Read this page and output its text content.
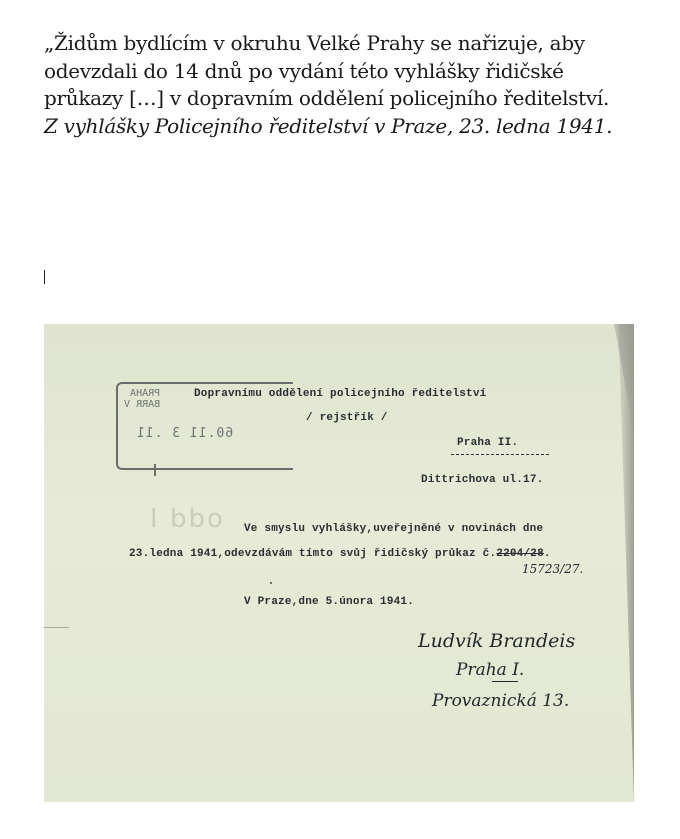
„Židům bydlícím v okruhu Velké Prahy se nařizuje, aby odevzdali do 14 dnů po vydání této vyhlášky řidičské průkazy […] v dopravním oddělení policejního ředitelství.

Z vyhlášky Policejního ředitelství v Praze, 23. ledna 1941.

PRAHA
BARR V
60.11 3 .11
odd I
Dopravnímu oddělení policejního ředitelství
/ rejstřík /
Praha II.
Dittrichova ul.17.
Ve smyslu vyhlášky,uveřejněné v novinách dne
23.ledna 1941,odevzdávám tímto svůj řidičský průkaz č.2204/28.
15723/27.
V Praze,dne 5.února 1941.
Ludvík Brandeis
Praha I.
Provaznická 13.
